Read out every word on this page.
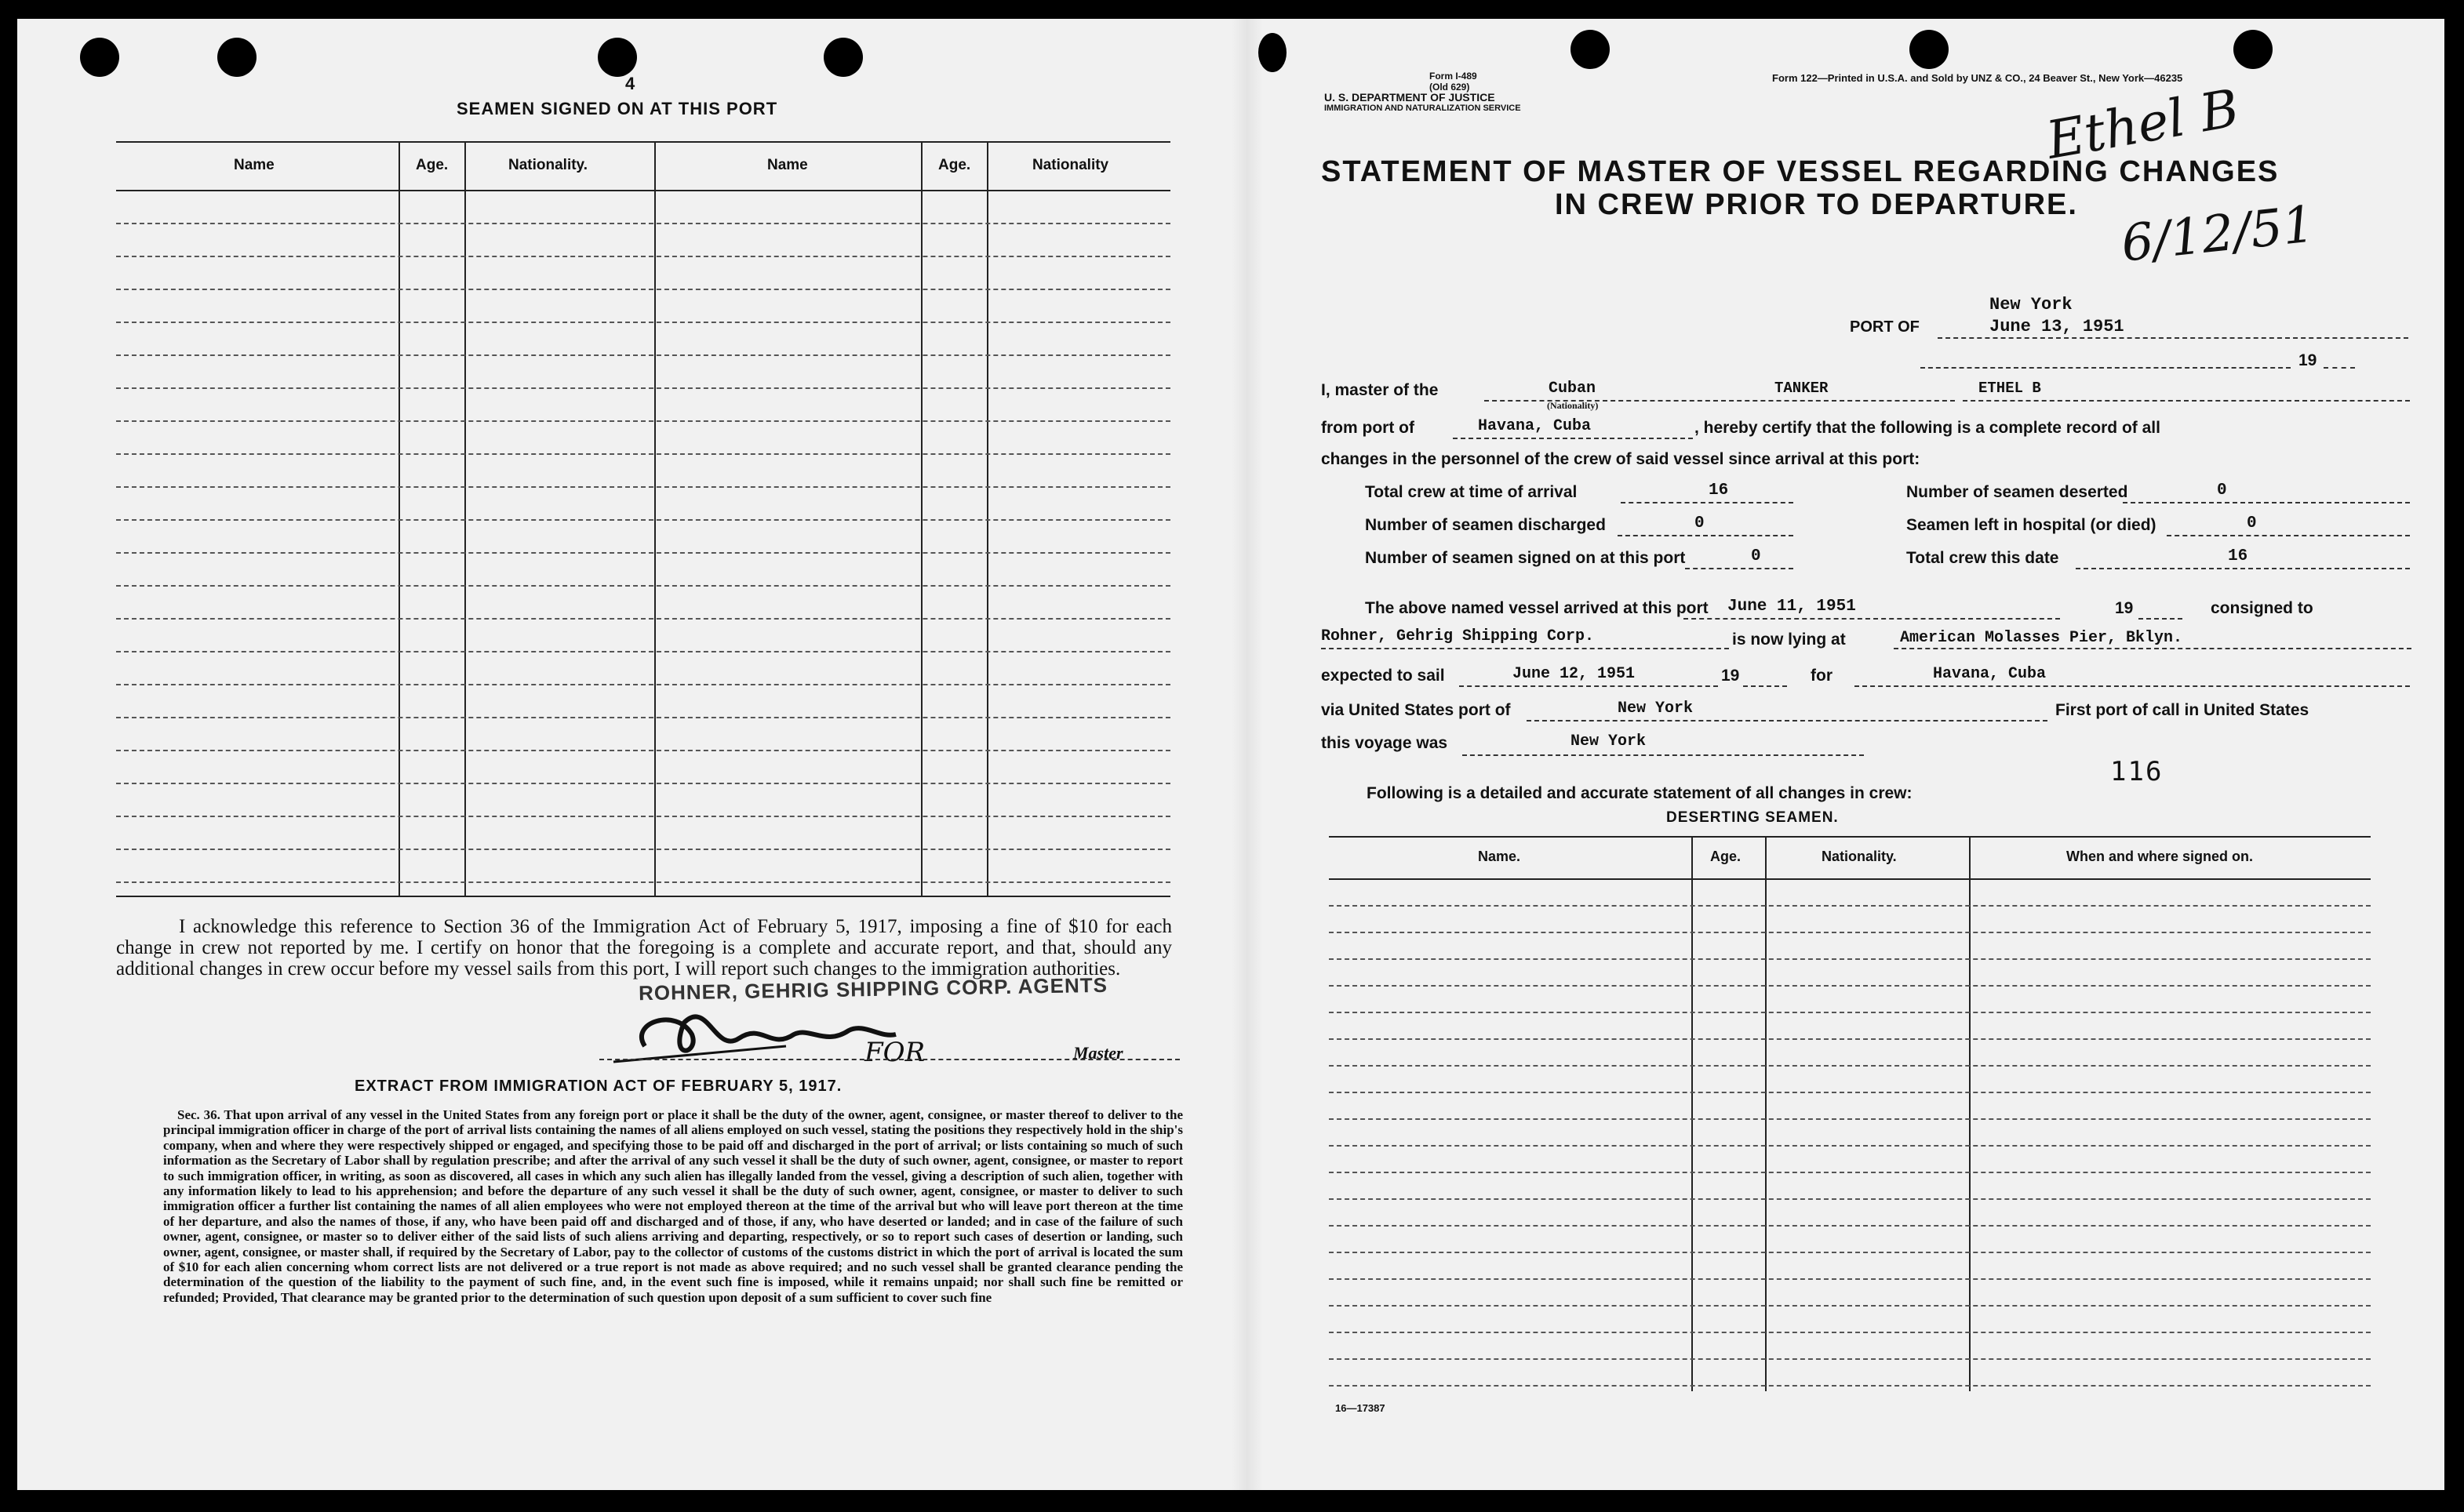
4
SEAMEN SIGNED ON AT THIS PORT
Name	Age.	Nationality.	Name	Age.	Nationality
I acknowledge this reference to Section 36 of the Immigration Act of February 5, 1917, imposing a fine of $10 for each change in crew not reported by me. I certify on honor that the foregoing is a complete and accurate report, and that, should any additional changes in crew occur before my vessel sails from this port, I will report such changes to the immigration authorities.
ROHNER, GEHRIG SHIPPING CORP. AGENTS
FOR	Master
EXTRACT FROM IMMIGRATION ACT OF FEBRUARY 5, 1917.
Sec. 36. That upon arrival of any vessel in the United States from any foreign port or place it shall be the duty of the owner, agent, consignee, or master thereof to deliver to the principal immigration officer in charge of the port of arrival lists containing the names of all aliens employed on such vessel, stating the positions they respectively hold in the ship's company, when and where they were respectively shipped or engaged, and specifying those to be paid off and discharged in the port of arrival; or lists containing so much of such information as the Secretary of Labor shall by regulation prescribe; and after the arrival of any such vessel it shall be the duty of such owner, agent, consignee, or master to report to such immigration officer, in writing, as soon as discovered, all cases in which any such alien has illegally landed from the vessel, giving a description of such alien, together with any information likely to lead to his apprehension; and before the departure of any such vessel it shall be the duty of such owner, agent, consignee, or master to deliver to such immigration officer a further list containing the names of all alien employees who were not employed thereon at the time of the arrival but who will leave port thereon at the time of her departure, and also the names of those, if any, who have been paid off and discharged and of those, if any, who have deserted or landed; and in case of the failure of such owner, agent, consignee, or master so to deliver either of the said lists of such aliens arriving and departing, respectively, or so to report such cases of desertion or landing, such owner, agent, consignee, or master shall, if required by the Secretary of Labor, pay to the collector of customs of the customs district in which the port of arrival is located the sum of $10 for each alien concerning whom correct lists are not delivered or a true report is not made as above required; and no such vessel shall be granted clearance pending the determination of the question of the liability to the payment of such fine, and, in the event such fine is imposed, while it remains unpaid; nor shall such fine be remitted or refunded; Provided, That clearance may be granted prior to the determination of such question upon deposit of a sum sufficient to cover such fine
Form I-489
(Old 629)
U. S. DEPARTMENT OF JUSTICE
IMMIGRATION AND NATURALIZATION SERVICE
Form 122—Printed in U.S.A. and Sold by UNZ & CO., 24 Beaver St., New York—46235
Ethel B
6/12/51
STATEMENT OF MASTER OF VESSEL REGARDING CHANGES
IN CREW PRIOR TO DEPARTURE.
New York
PORT OF	June 13, 1951
19
I, master of the	Cuban
(Nationality)
TANKER	ETHEL B
from port of	Havana, Cuba	, hereby certify that the following is a complete record of all
changes in the personnel of the crew of said vessel since arrival at this port:
Total crew at time of arrival	16	Number of seamen deserted	0
Number of seamen discharged	0	Seamen left in hospital (or died)	0
Number of seamen signed on at this port	0	Total crew this date	16
The above named vessel arrived at this port June 11, 1951	19	consigned to
Rohner, Gehrig Shipping Corp.	is now lying at	American Molasses Pier, Bklyn.
expected to sail	June 12, 1951	19	for	Havana, Cuba
via United States port of	New York	First port of call in United States
this voyage was	New York
116
Following is a detailed and accurate statement of all changes in crew:
DESERTING SEAMEN.
Name.	Age.	Nationality.	When and where signed on.
16—17387
